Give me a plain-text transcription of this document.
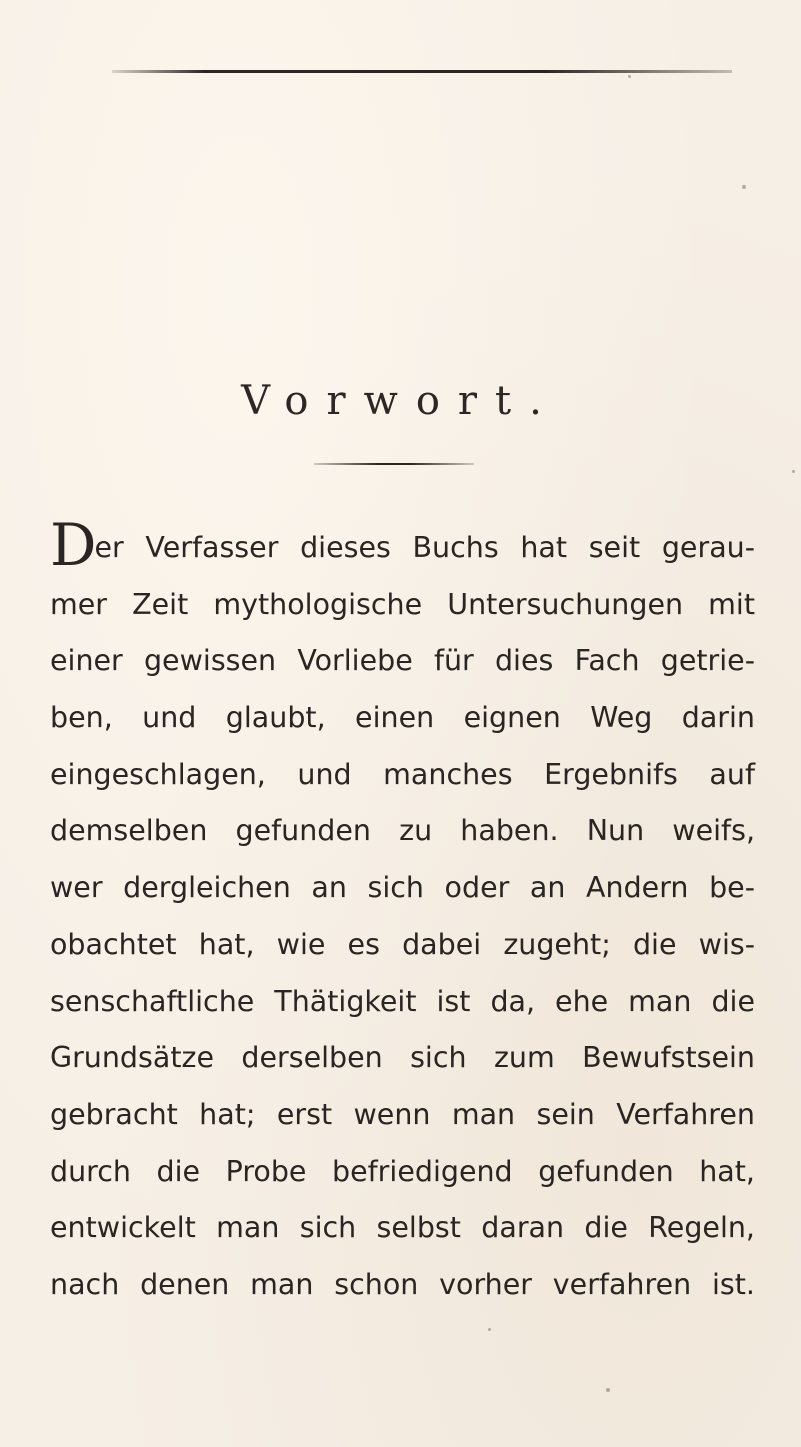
Vorwort.
Der Verfasser dieses Buchs hat seit gerau-
mer Zeit mythologische Untersuchungen mit
einer gewissen Vorliebe für dies Fach getrie-
ben, und glaubt, einen eignen Weg darin
eingeschlagen, und manches Ergebnifs auf
demselben gefunden zu haben. Nun weifs,
wer dergleichen an sich oder an Andern be-
obachtet hat, wie es dabei zugeht; die wis-
senschaftliche Thätigkeit ist da, ehe man die
Grundsätze derselben sich zum Bewufstsein
gebracht hat; erst wenn man sein Verfahren
durch die Probe befriedigend gefunden hat,
entwickelt man sich selbst daran die Regeln,
nach denen man schon vorher verfahren ist.
